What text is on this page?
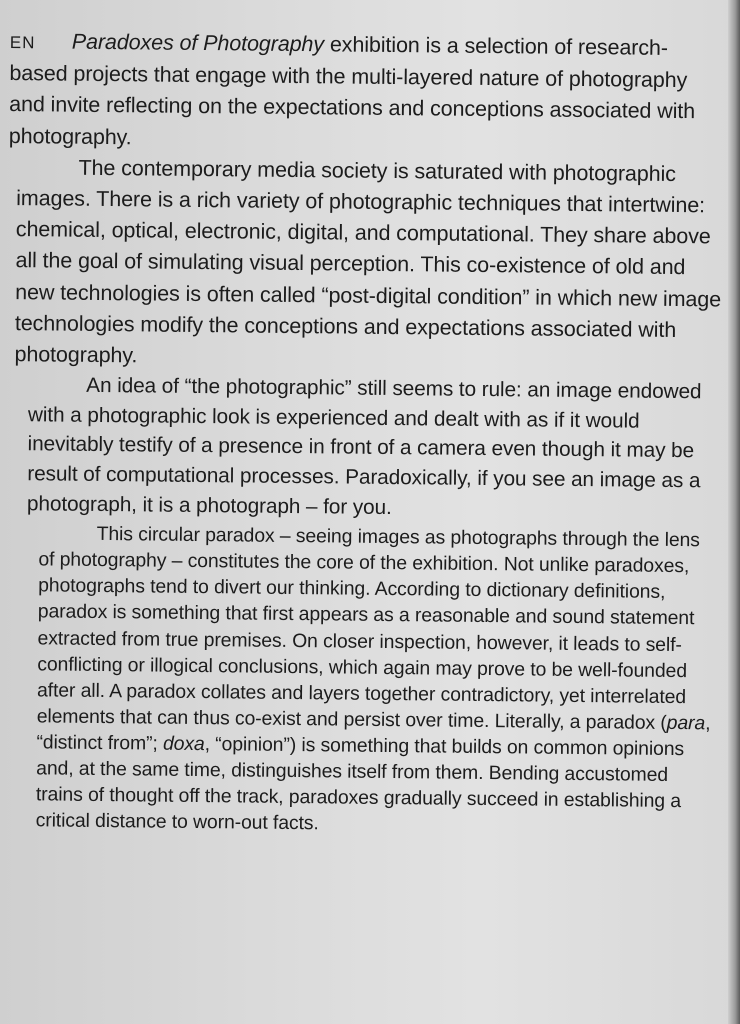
EN Paradoxes of Photography exhibition is a selection of research-based projects that engage with the multi-layered nature of photography and invite reflecting on the expectations and conceptions associated with photography.

The contemporary media society is saturated with photographic images. There is a rich variety of photographic techniques that intertwine: chemical, optical, electronic, digital, and computational. They share above all the goal of simulating visual perception. This co-existence of old and new technologies is often called “post-digital condition” in which new image technologies modify the conceptions and expectations associated with photography.

An idea of “the photographic” still seems to rule: an image endowed with a photographic look is experienced and dealt with as if it would inevitably testify of a presence in front of a camera even though it may be result of computational processes. Paradoxically, if you see an image as a photograph, it is a photograph – for you.

This circular paradox – seeing images as photographs through the lens of photography – constitutes the core of the exhibition. Not unlike paradoxes, photographs tend to divert our thinking. According to dictionary definitions, paradox is something that first appears as a reasonable and sound statement extracted from true premises. On closer inspection, however, it leads to self-conflicting or illogical conclusions, which again may prove to be well-founded after all. A paradox collates and layers together contradictory, yet interrelated elements that can thus co-exist and persist over time. Literally, a paradox (para, “distinct from”; doxa, “opinion”) is something that builds on common opinions and, at the same time, distinguishes itself from them. Bending accustomed trains of thought off the track, paradoxes gradually succeed in establishing a critical distance to worn-out facts.
